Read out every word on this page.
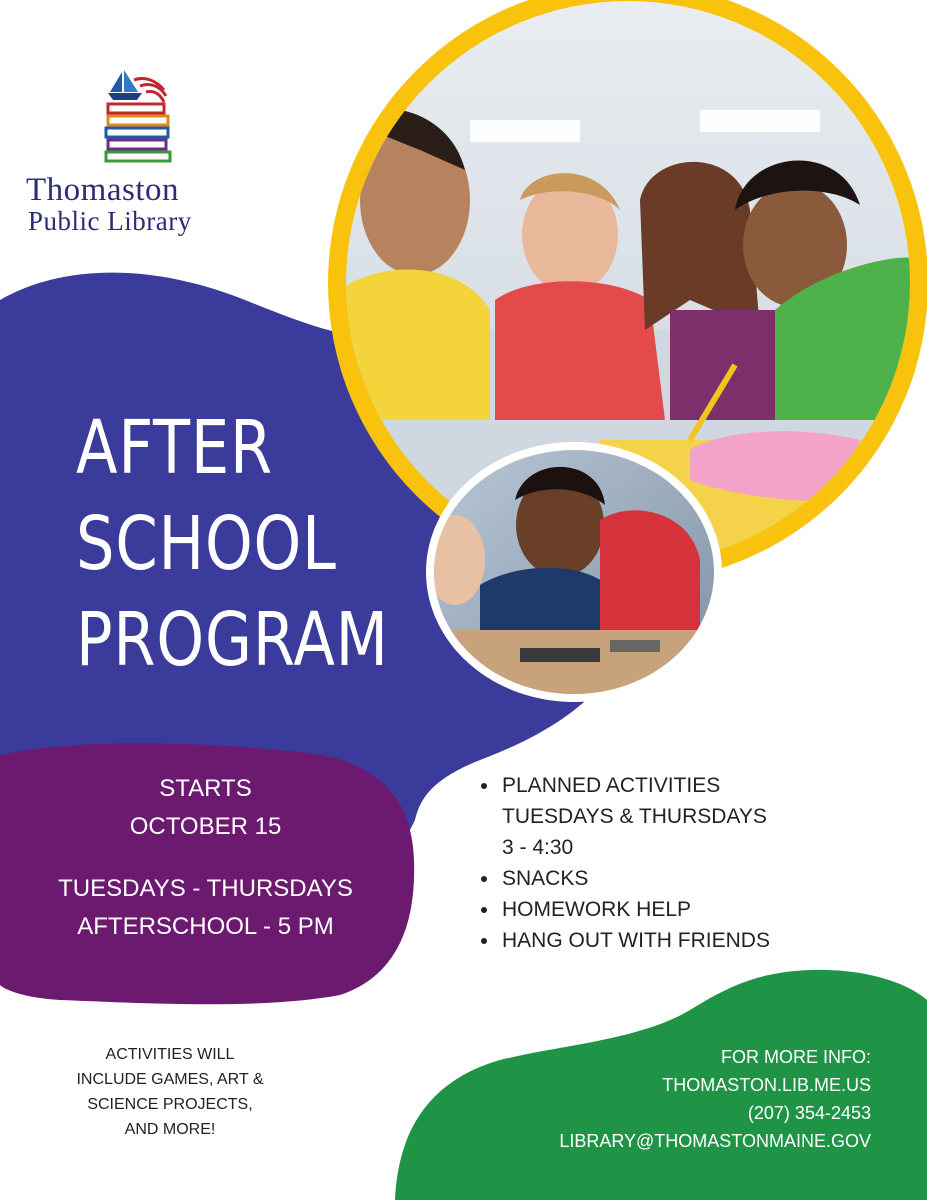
Thomaston
Public Library
AFTER
SCHOOL
PROGRAM
STARTS
OCTOBER 15
TUESDAYS - THURSDAYS
AFTERSCHOOL - 5 PM
PLANNED ACTIVITIES TUESDAYS & THURSDAYS 3 - 4:30
SNACKS
HOMEWORK HELP
HANG OUT WITH FRIENDS
ACTIVITIES WILL
INCLUDE GAMES, ART &
SCIENCE PROJECTS,
AND MORE!
FOR MORE INFO:
THOMASTON.LIB.ME.US
(207) 354-2453
LIBRARY@THOMASTONMAINE.GOV
